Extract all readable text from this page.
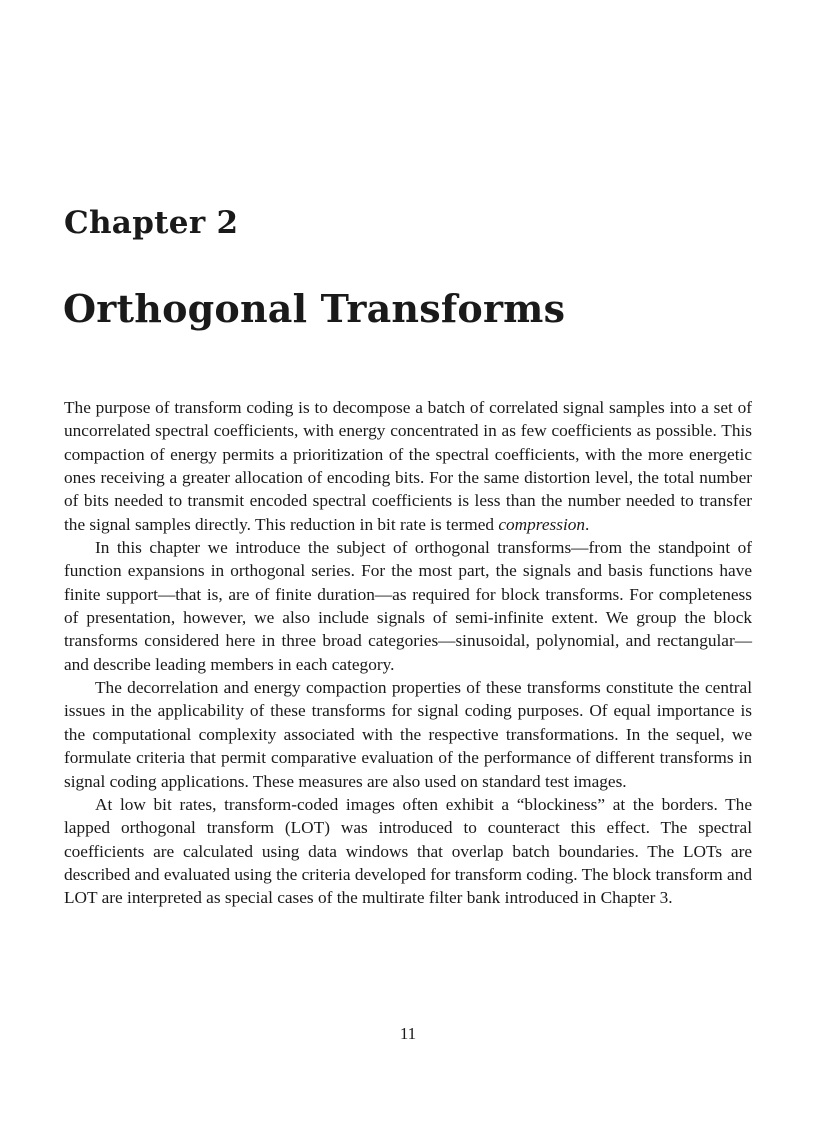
Chapter 2
Orthogonal Transforms

The purpose of transform coding is to decompose a batch of correlated signal samples into a set of uncorrelated spectral coefficients, with energy concentrated in as few coefficients as possible. This compaction of energy permits a prioritization of the spectral coefficients, with the more energetic ones receiving a greater allocation of encoding bits. For the same distortion level, the total number of bits needed to transmit encoded spectral coefficients is less than the number needed to transfer the signal samples directly. This reduction in bit rate is termed compression.

In this chapter we introduce the subject of orthogonal transforms—from the standpoint of function expansions in orthogonal series. For the most part, the signals and basis functions have finite support—that is, are of finite duration—as required for block transforms. For completeness of presentation, however, we also include signals of semi-infinite extent. We group the block transforms considered here in three broad categories—sinusoidal, polynomial, and rectangular—and describe leading members in each category.

The decorrelation and energy compaction properties of these transforms constitute the central issues in the applicability of these transforms for signal coding purposes. Of equal importance is the computational complexity associated with the respective transformations. In the sequel, we formulate criteria that permit comparative evaluation of the performance of different transforms in signal coding applications. These measures are also used on standard test images.

At low bit rates, transform-coded images often exhibit a “blockiness” at the borders. The lapped orthogonal transform (LOT) was introduced to counteract this effect. The spectral coefficients are calculated using data windows that overlap batch boundaries. The LOTs are described and evaluated using the criteria developed for transform coding. The block transform and LOT are interpreted as special cases of the multirate filter bank introduced in Chapter 3.

11
